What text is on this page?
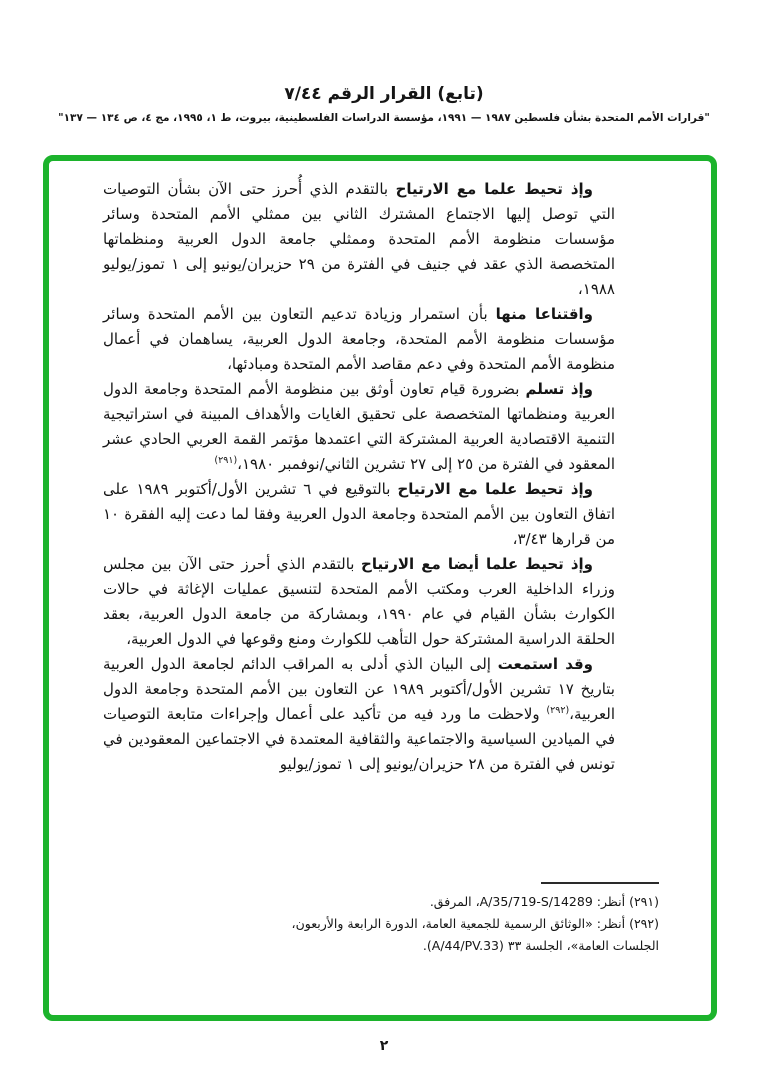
(تابع) القرار الرقم ٧/٤٤
"قرارات الأمم المتحدة بشأن فلسطين ١٩٨٧ — ١٩٩١، مؤسسة الدراسات الفلسطينية، بيروت، ط ١، ١٩٩٥، مج ٤، ص ١٣٤ — ١٣٧"

وإذ تحيط علما مع الارتياح بالتقدم الذي أُحرز حتى الآن بشأن التوصيات التي توصل إليها الاجتماع المشترك الثاني بين ممثلي الأمم المتحدة وسائر مؤسسات منظومة الأمم المتحدة وممثلي جامعة الدول العربية ومنظماتها المتخصصة الذي عقد في جنيف في الفترة من ٢٩ حزيران/يونيو إلى ١ تموز/يوليو ١٩٨٨،

واقتناعا منها بأن استمرار وزيادة تدعيم التعاون بين الأمم المتحدة وسائر مؤسسات منظومة الأمم المتحدة، وجامعة الدول العربية، يساهمان في أعمال منظومة الأمم المتحدة وفي دعم مقاصد الأمم المتحدة ومبادئها،

وإذ تسلم بضرورة قيام تعاون أوثق بين منظومة الأمم المتحدة وجامعة الدول العربية ومنظماتها المتخصصة على تحقيق الغايات والأهداف المبينة في استراتيجية التنمية الاقتصادية العربية المشتركة التي اعتمدها مؤتمر القمة العربي الحادي عشر المعقود في الفترة من ٢٥ إلى ٢٧ تشرين الثاني/نوفمبر ١٩٨٠،$^{(٢٩١)}$

وإذ تحيط علما مع الارتياح بالتوقيع في ٦ تشرين الأول/أكتوبر ١٩٨٩ على اتفاق التعاون بين الأمم المتحدة وجامعة الدول العربية وفقا لما دعت إليه الفقرة ١٠ من قرارها ٣/٤٣،

وإذ تحيط علما أيضا مع الارتياح بالتقدم الذي أحرز حتى الآن بين مجلس وزراء الداخلية العرب ومكتب الأمم المتحدة لتنسيق عمليات الإغاثة في حالات الكوارث بشأن القيام في عام ١٩٩٠، وبمشاركة من جامعة الدول العربية، بعقد الحلقة الدراسية المشتركة حول التأهب للكوارث ومنع وقوعها في الدول العربية،

وقد استمعت إلى البيان الذي أدلى به المراقب الدائم لجامعة الدول العربية بتاريخ ١٧ تشرين الأول/أكتوبر ١٩٨٩ عن التعاون بين الأمم المتحدة وجامعة الدول العربية،$^{(٢٩٢)}$ ولاحظت ما ورد فيه من تأكيد على أعمال وإجراءات متابعة التوصيات في الميادين السياسية والاجتماعية والثقافية المعتمدة في الاجتماعين المعقودين في تونس في الفترة من ٢٨ حزيران/يونيو إلى ١ تموز/يوليو

(٢٩١) أنظر: A/35/719-S/14289، المرفق.
(٢٩٢) أنظر: «الوثائق الرسمية للجمعية العامة، الدورة الرابعة والأربعون، الجلسات العامة»، الجلسة ٣٣ (A/44/PV.33).
٢
